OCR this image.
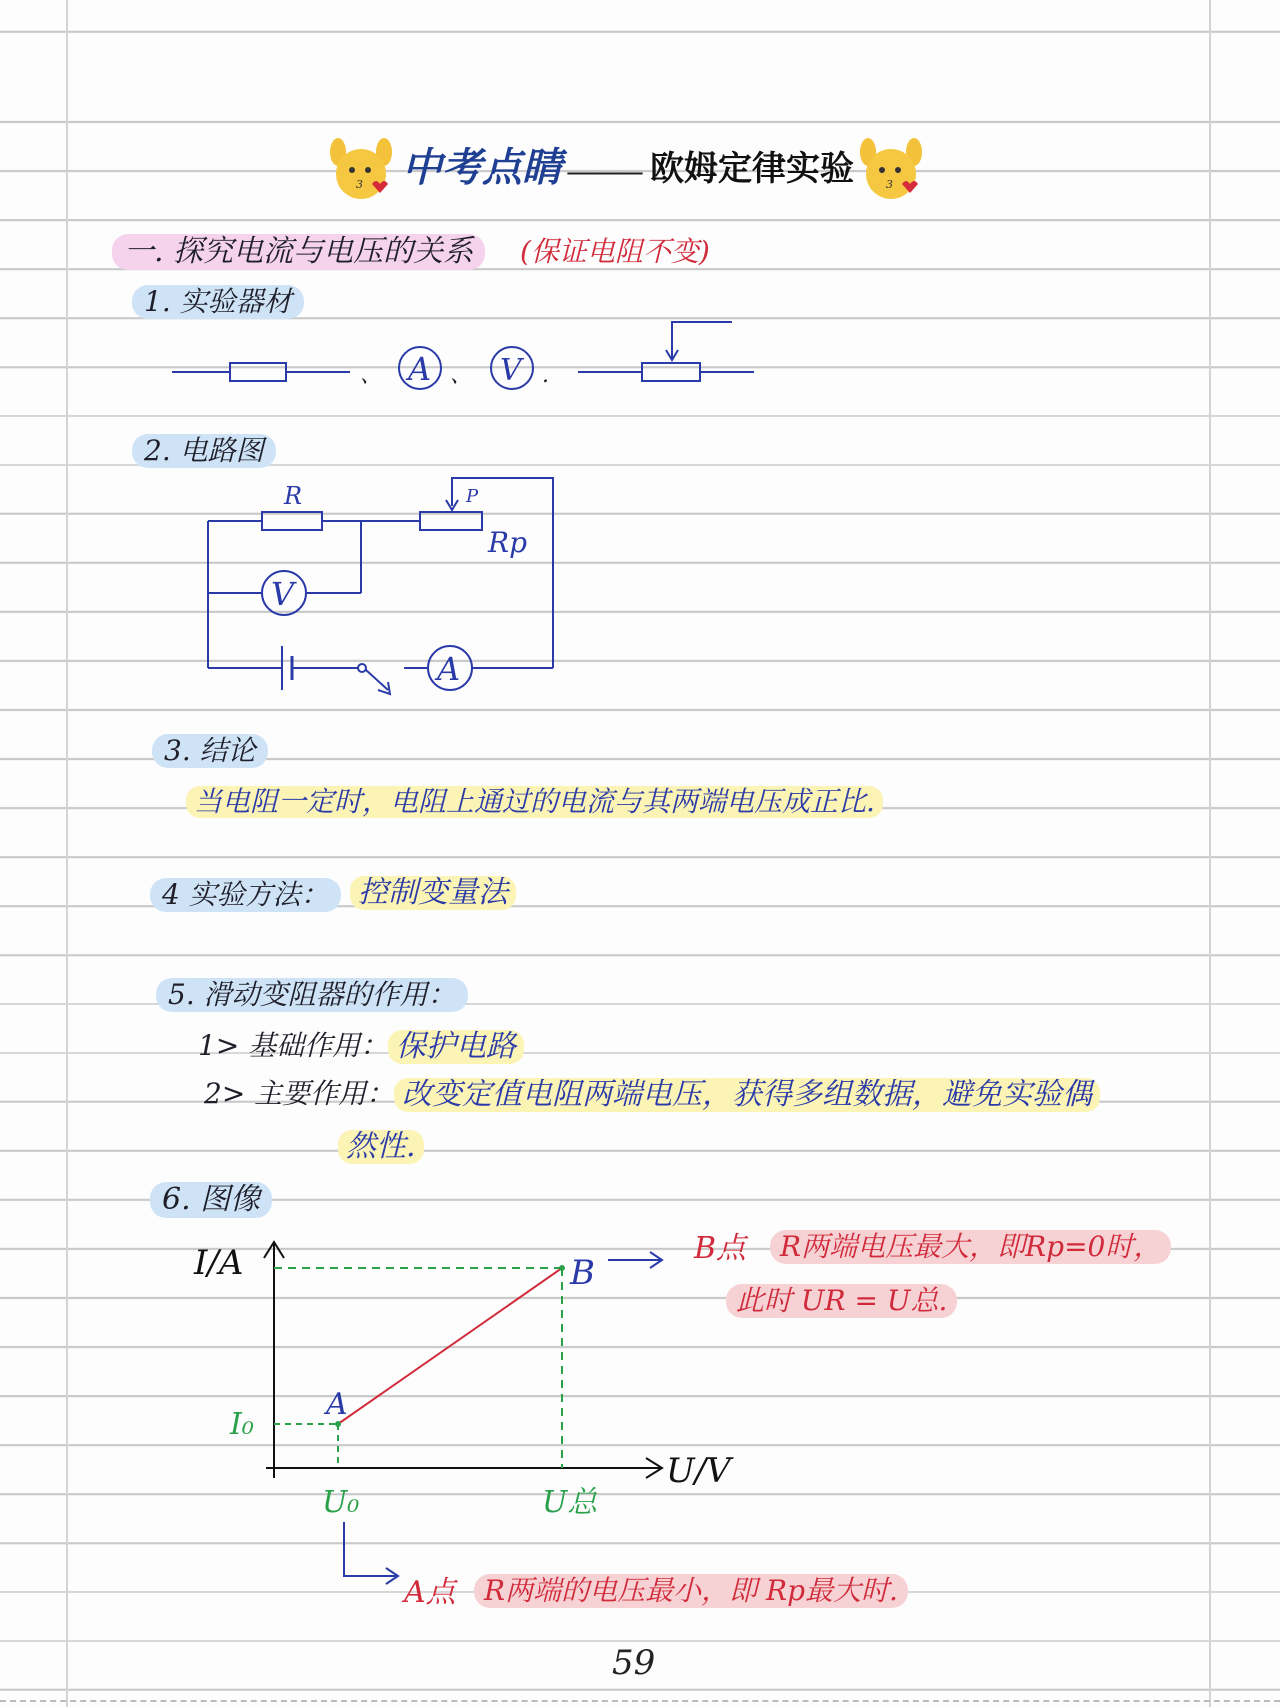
3 中考点睛 ——— 欧姆定律实验	3
一. 探究电流与电压的关系	(保证电阻不变)
1. 实验器材
、 A 、 V .
2. 电路图
R	P
Rp
V
A
3. 结论
当电阻一定时，电阻上通过的电流与其两端电压成正比.
4 实验方法： 控制变量法
5. 滑动变阻器的作用：
1> 基础作用： 保护电路
2> 主要作用： 改变定值电阻两端电压，获得多组数据，避免实验偶
然性.
6. 图像
I/A
U/V
A
B
I₀
U₀	U总
B点	R两端电压最大，即Rp=0时，
此时 UR = U总.
A点	R两端的电压最小，即 Rp最大时.
59
